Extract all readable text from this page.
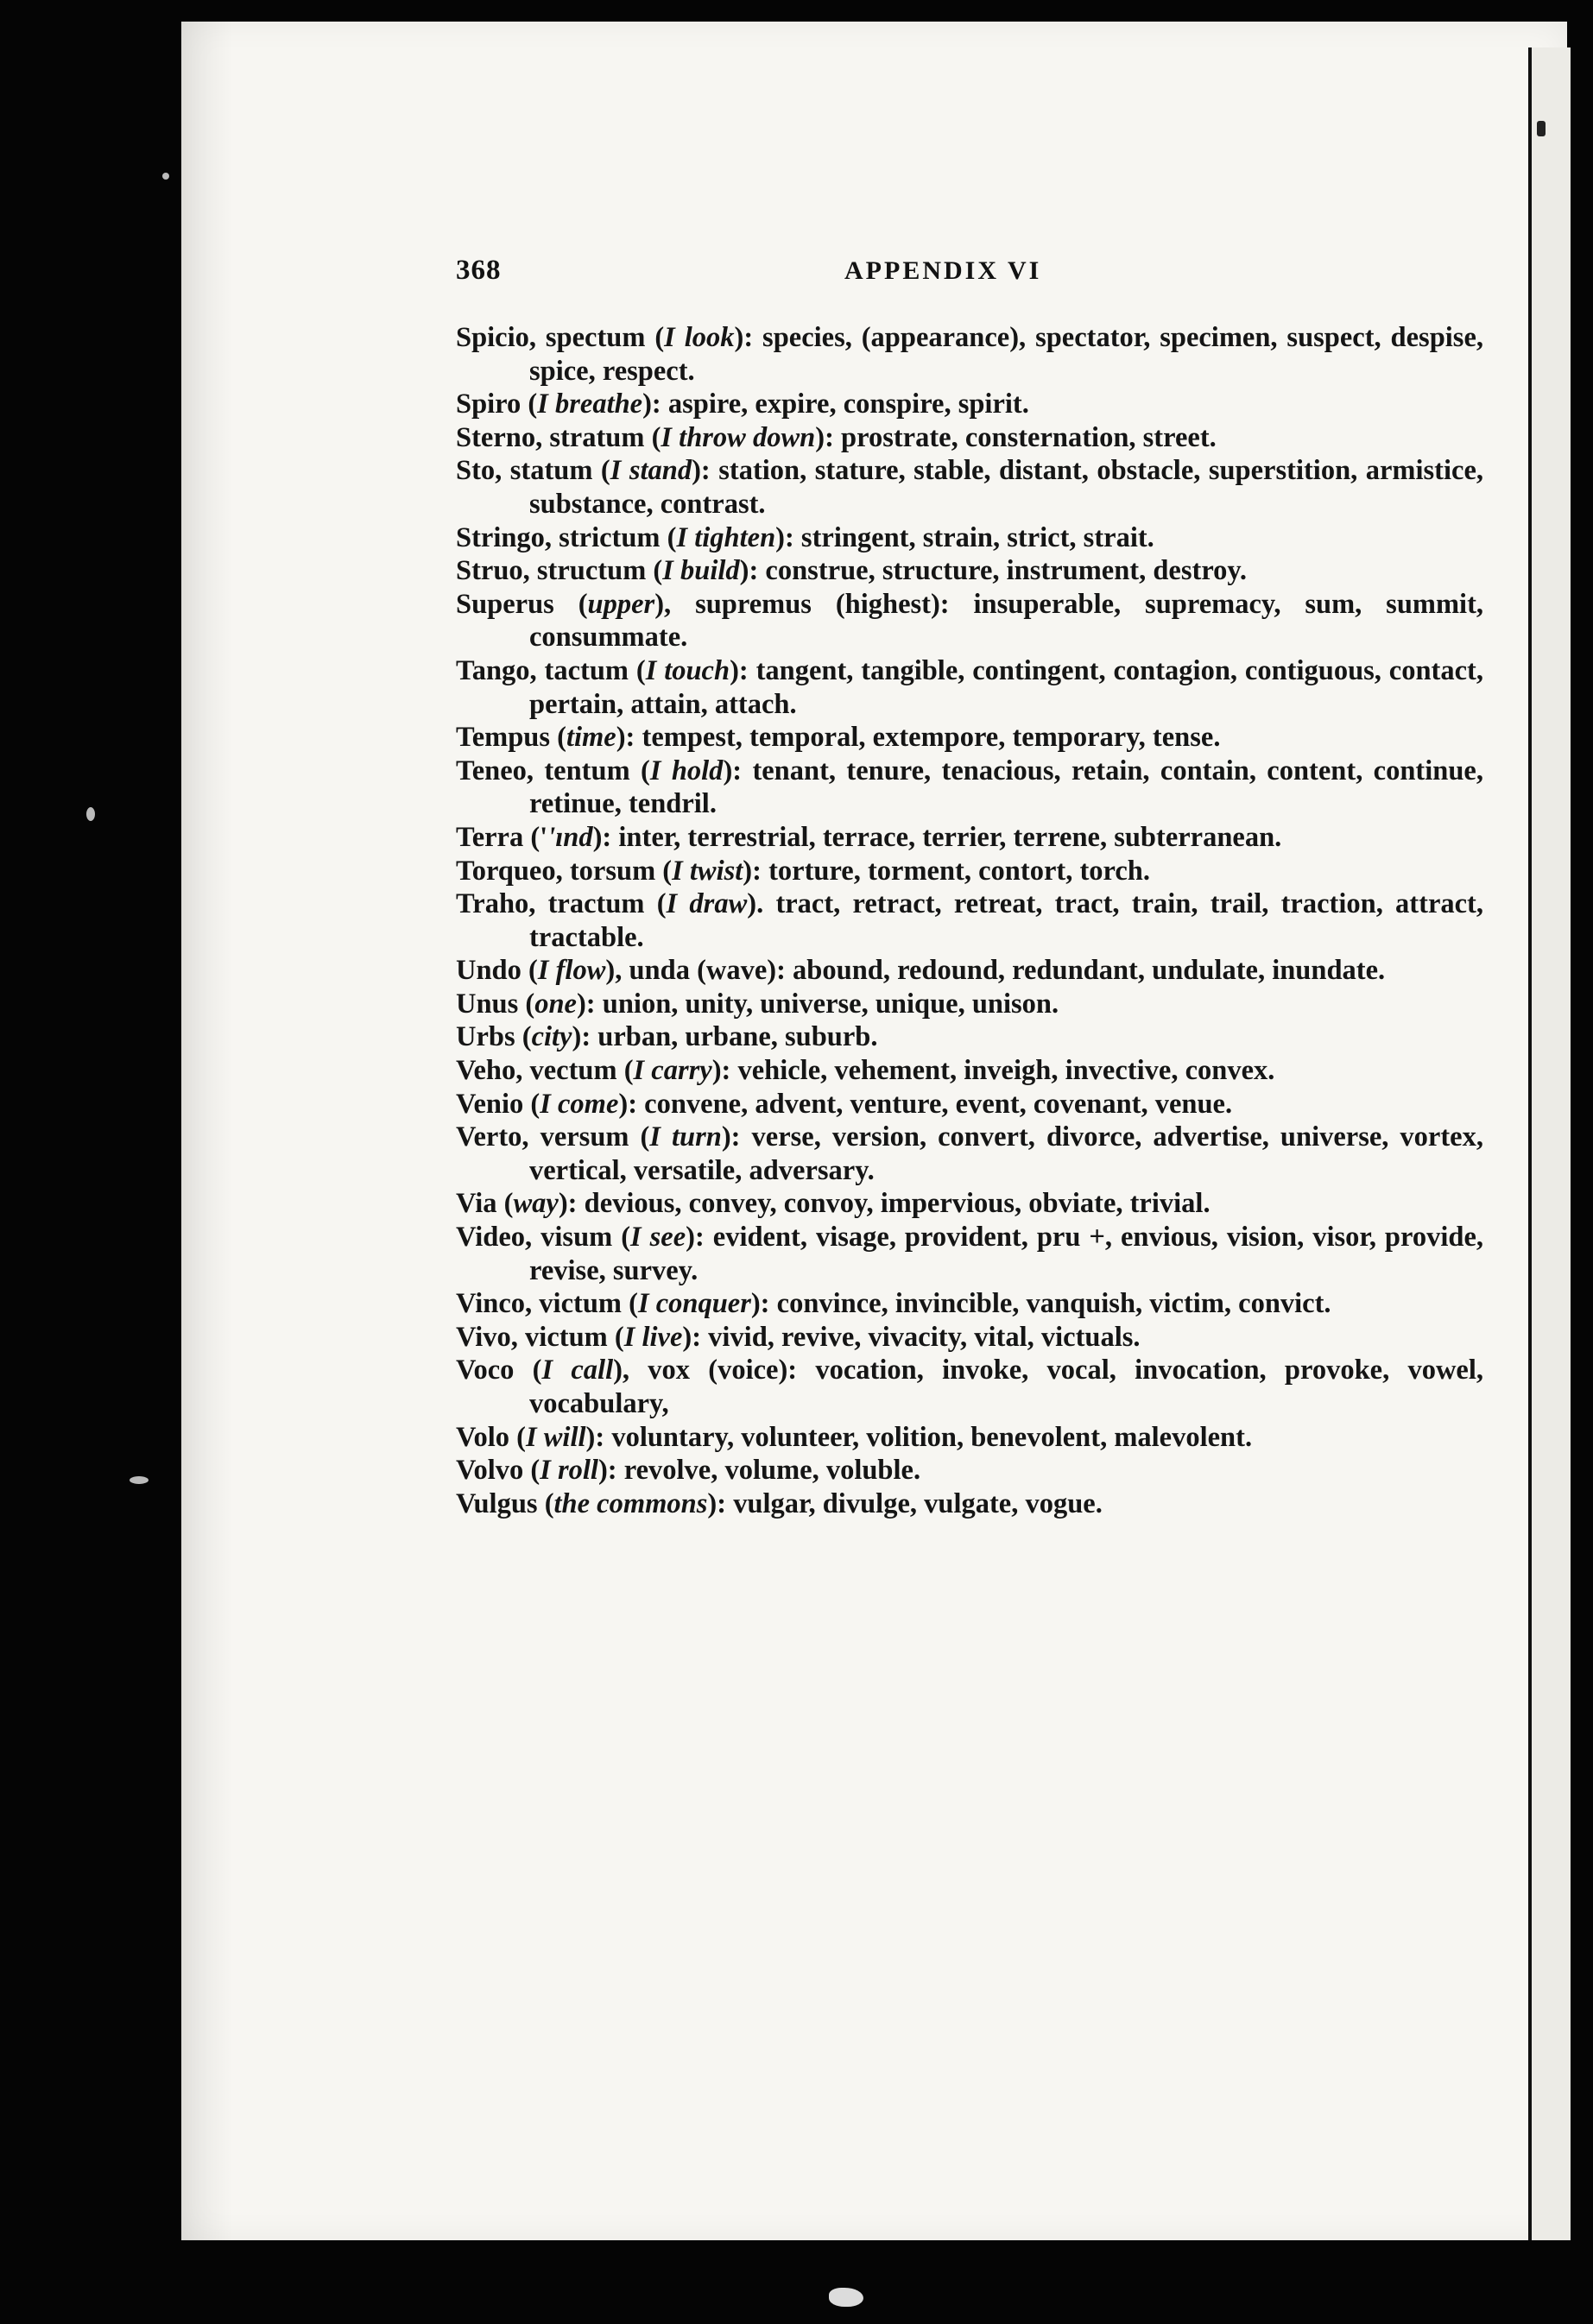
368	APPENDIX VI
Spicio, spectum (I look): species, (appearance), spectator, specimen, suspect, despise, spice, respect.
Spiro (I breathe): aspire, expire, conspire, spirit.
Sterno, stratum (I throw down): prostrate, consternation, street.
Sto, statum (I stand): station, stature, stable, distant, obstacle, superstition, armistice, substance, contrast.
Stringo, strictum (I tighten): stringent, strain, strict, strait.
Struo, structum (I build): construe, structure, instrument, destroy.
Superus (upper), supremus (highest): insuperable, supremacy, sum, summit, consummate.
Tango, tactum (I touch): tangent, tangible, contingent, contagion, contiguous, contact, pertain, attain, attach.
Tempus (time): tempest, temporal, extempore, temporary, tense.
Teneo, tentum (I hold): tenant, tenure, tenacious, retain, contain, content, continue, retinue, tendril.
Terra (''ınd): inter, terrestrial, terrace, terrier, terrene, subterranean.
Torqueo, torsum (I twist): torture, torment, contort, torch.
Traho, tractum (I draw). tract, retract, retreat, tract, train, trail, traction, attract, tractable.
Undo (I flow), unda (wave): abound, redound, redundant, undulate, inundate.
Unus (one): union, unity, universe, unique, unison.
Urbs (city): urban, urbane, suburb.
Veho, vectum (I carry): vehicle, vehement, inveigh, invective, convex.
Venio (I come): convene, advent, venture, event, covenant, venue.
Verto, versum (I turn): verse, version, convert, divorce, advertise, universe, vortex, vertical, versatile, adversary.
Via (way): devious, convey, convoy, impervious, obviate, trivial.
Video, visum (I see): evident, visage, provident, pru +, envious, vision, visor, provide, revise, survey.
Vinco, victum (I conquer): convince, invincible, vanquish, victim, convict.
Vivo, victum (I live): vivid, revive, vivacity, vital, victuals.
Voco (I call), vox (voice): vocation, invoke, vocal, invocation, provoke, vowel, vocabulary,
Volo (I will): voluntary, volunteer, volition, benevolent, malevolent.
Volvo (I roll): revolve, volume, voluble.
Vulgus (the commons): vulgar, divulge, vulgate, vogue.
